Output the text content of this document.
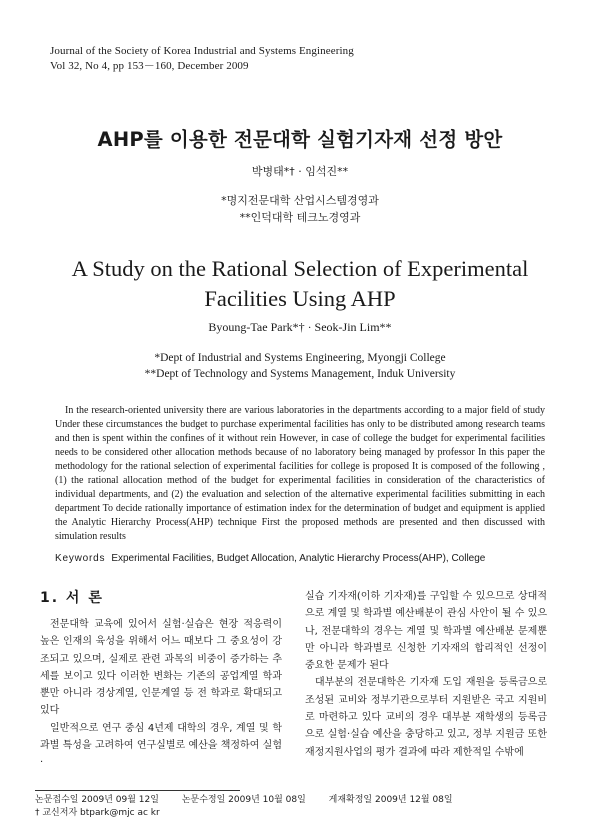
Journal of the Society of Korea Industrial and Systems Engineering
Vol 32, No 4, pp 153－160, December 2009
AHP를 이용한 전문대학 실험기자재 선정 방안
박병태*† · 임석진**
*명지전문대학 산업시스템경영과
**인덕대학 테크노경영과
A Study on the Rational Selection of Experimental
Facilities Using AHP
Byoung-Tae Park*† · Seok-Jin Lim**
*Dept of Industrial and Systems Engineering, Myongji College
**Dept of Technology and Systems Management, Induk University
In the research-oriented university there are various laboratories in the departments according to a major field of study Under these circumstances the budget to purchase experimental facilities has only to be distributed among research teams and then is spent within the confines of it without rein However, in case of college the budget for experimental facilities needs to be considered other allocation methods because of no laboratory being managed by professor In this paper the methodology for the rational selection of experimental facilities for college is proposed It is composed of the following , (1) the rational allocation method of the budget for experimental facilities in consideration of the characteristics of individual departments, and (2) the evaluation and selection of the alternative experimental facilities submitting in each department To decide rationally importance of estimation index for the determination of budget and equipment is applied the Analytic Hierarchy Process(AHP) technique First the proposed methods are presented and then discussed with simulation results
Keywords Experimental Facilities, Budget Allocation, Analytic Hierarchy Process(AHP), College
1. 서 론

전문대학 교육에 있어서 실험·실습은 현장 적응력이 높은 인재의 육성을 위해서 어느 때보다 그 중요성이 강조되고 있으며, 실제로 관련 과목의 비중이 증가하는 추세를 보이고 있다 이러한 변화는 기존의 공업계열 학과뿐만 아니라 경상계열, 인문계열 등 전 학과로 확대되고 있다

일반적으로 연구 중심 4년제 대학의 경우, 계열 및 학과별 특성을 고려하여 연구실별로 예산을 책정하여 실험·

실습 기자재(이하 기자재)를 구입할 수 있으므로 상대적으로 계열 및 학과별 예산배분이 관심 사안이 될 수 있으나, 전문대학의 경우는 계열 및 학과별 예산배분 문제뿐만 아니라 학과별로 신청한 기자재의 합리적인 선정이 중요한 문제가 된다

대부분의 전문대학은 기자재 도입 재원을 등록금으로 조성된 교비와 정부기관으로부터 지원받은 국고 지원비로 마련하고 있다 교비의 경우 대부분 재학생의 등록금으로 실험·실습 예산을 충당하고 있고, 정부 지원금 또한 재정지원사업의 평가 결과에 따라 제한적일 수밖에

논문접수일 2009년 09월 12일	논문수정일 2009년 10월 08일	게재확정일 2009년 12월 08일
† 교신저자 btpark@mjc ac kr
